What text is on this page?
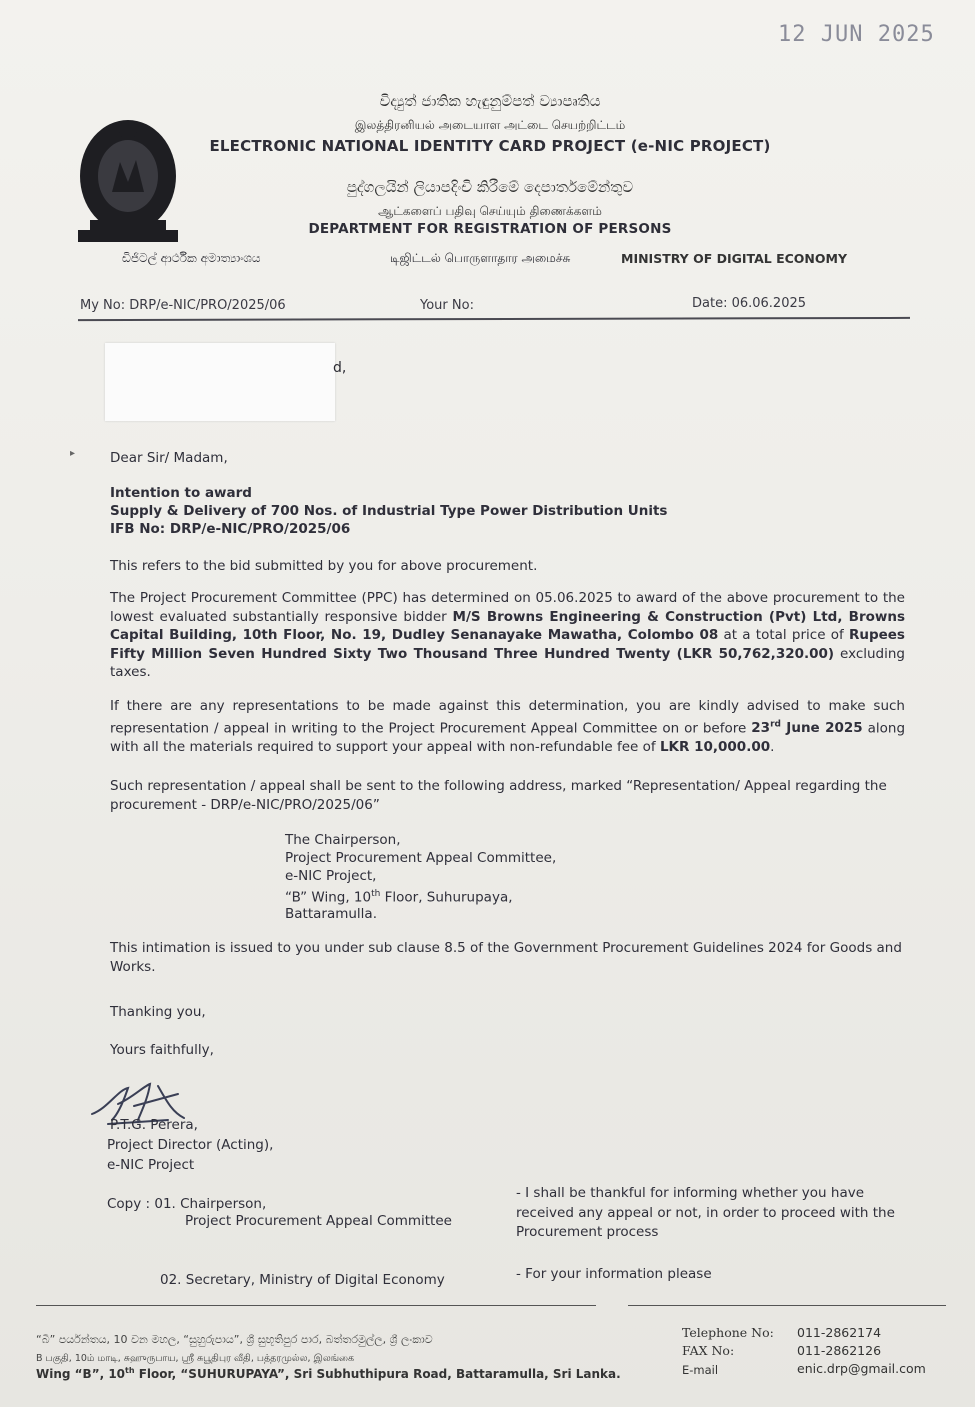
12 JUN 2025
විද්‍යුත් ජාතික හැඳුනුම්පත් ව්‍යාපෘතිය
இலத்திரனியல் அடையாள அட்டை செயற்றிட்டம்
ELECTRONIC NATIONAL IDENTITY CARD PROJECT (e-NIC PROJECT)
පුද්ගලයින් ලියාපදිංචි කිරීමේ දෙපාර්තමේන්තුව
ஆட்களைப் பதிவு செய்யும் திணைக்களம்
DEPARTMENT FOR REGISTRATION OF PERSONS
ඩිජිටල් ආර්ථික අමාත්‍යාංශය	டிஜிட்டல் பொருளாதார அமைச்சு	MINISTRY OF DIGITAL ECONOMY
My No: DRP/e-NIC/PRO/2025/06	Your No:	Date: 06.06.2025
d,
▸	Dear Sir/ Madam,
Intention to award
Supply & Delivery of 700 Nos. of Industrial Type Power Distribution Units
IFB No: DRP/e-NIC/PRO/2025/06
This refers to the bid submitted by you for above procurement.
The Project Procurement Committee (PPC) has determined on 05.06.2025 to award of the above procurement to the lowest evaluated substantially responsive bidder M/S Browns Engineering & Construction (Pvt) Ltd, Browns Capital Building, 10th Floor, No. 19, Dudley Senanayake Mawatha, Colombo 08 at a total price of Rupees Fifty Million Seven Hundred Sixty Two Thousand Three Hundred Twenty (LKR 50,762,320.00) excluding taxes.
If there are any representations to be made against this determination, you are kindly advised to make such representation / appeal in writing to the Project Procurement Appeal Committee on or before 23rd June 2025 along with all the materials required to support your appeal with non-refundable fee of LKR 10,000.00.
Such representation / appeal shall be sent to the following address, marked “Representation/ Appeal regarding the procurement - DRP/e-NIC/PRO/2025/06”
The Chairperson,
Project Procurement Appeal Committee,
e-NIC Project,
“B” Wing, 10th Floor, Suhurupaya,
Battaramulla.
This intimation is issued to you under sub clause 8.5 of the Government Procurement Guidelines 2024 for Goods and Works.
Thanking you,
Yours faithfully,
P.T.G. Perera,
Project Director (Acting),
e-NIC Project
Copy : 01. Chairperson,
Project Procurement Appeal Committee
- I shall be thankful for informing whether you have received any appeal or not, in order to proceed with the Procurement process
02. Secretary, Ministry of Digital Economy	- For your information please
“බී” පර්යන්තය, 10 වන මහල, “සුහුරුපාය”, ශ්‍රී සුභූතිපුර පාර, බත්තරමුල්ල, ශ්‍රී ලංකාව
B பகுதி, 10ம் மாடி, சுஹுருபாய, ஸ்ரீ சுபூதிபுர வீதி, பத்தரமுல்ல, இலங்கை
Wing “B”, 10th Floor, “SUHURUPAYA”, Sri Subhuthipura Road, Battaramulla, Sri Lanka.
Telephone No: 011-2862174
FAX No:	011-2862126
E-mail	enic.drp@gmail.com
